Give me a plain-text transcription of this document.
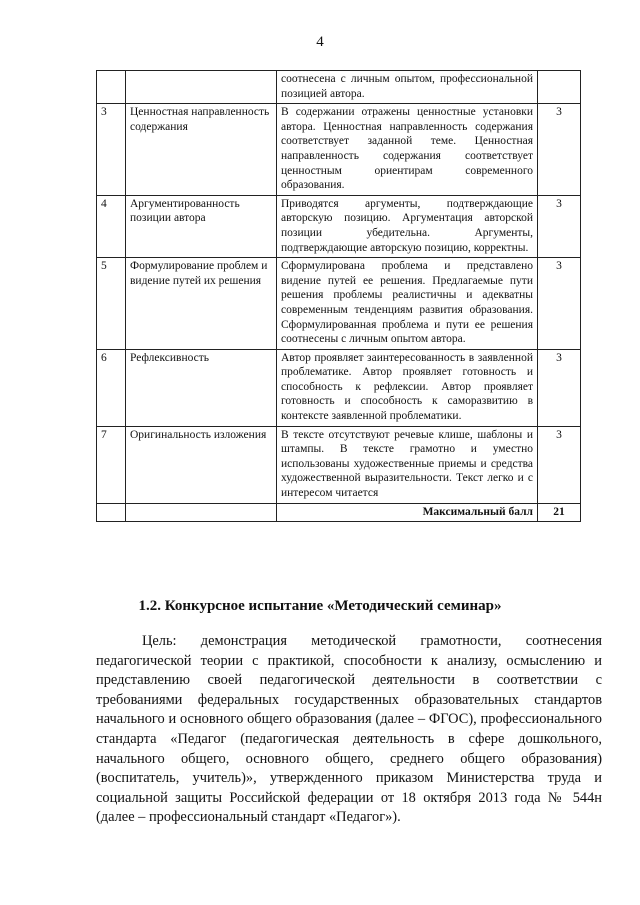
4
		соотнесена с личным опытом, профессиональной позицией автора.	
3	Ценностная направленность содержания	В содержании отражены ценностные установки автора. Ценностная направленность содержания соответствует заданной теме. Ценностная направленность содержания соответствует ценностным ориентирам современного образования.	3
4	Аргументированность позиции автора	Приводятся аргументы, подтверждающие авторскую позицию. Аргументация авторской позиции убедительна. Аргументы, подтверждающие авторскую позицию, корректны.	3
5	Формулирование проблем и видение путей их решения	Сформулирована проблема и представлено видение путей ее решения. Предлагаемые пути решения проблемы реалистичны и адекватны современным тенденциям развития образования. Сформулированная проблема и пути ее решения соотнесены с личным опытом автора.	3
6	Рефлексивность	Автор проявляет заинтересованность в заявленной проблематике. Автор проявляет готовность и способность к рефлексии. Автор проявляет готовность и способность к саморазвитию в контексте заявленной проблематики.	3
7	Оригинальность изложения	В тексте отсутствуют речевые клише, шаблоны и штампы. В тексте грамотно и уместно использованы художественные приемы и средства художественной выразительности. Текст легко и с интересом читается	3
		Максимальный балл	21
1.2. Конкурсное испытание «Методический семинар»

Цель: демонстрация методической грамотности, соотнесения педагогической теории с практикой, способности к анализу, осмыслению и представлению своей педагогической деятельности в соответствии с требованиями федеральных государственных образовательных стандартов начального и основного общего образования (далее – ФГОС), профессионального стандарта «Педагог (педагогическая деятельность в сфере дошкольного, начального общего, основного общего, среднего общего образования) (воспитатель, учитель)», утвержденного приказом Министерства труда и социальной защиты Российской федерации от 18 октября 2013 года № 544н (далее – профессиональный стандарт «Педагог»).
